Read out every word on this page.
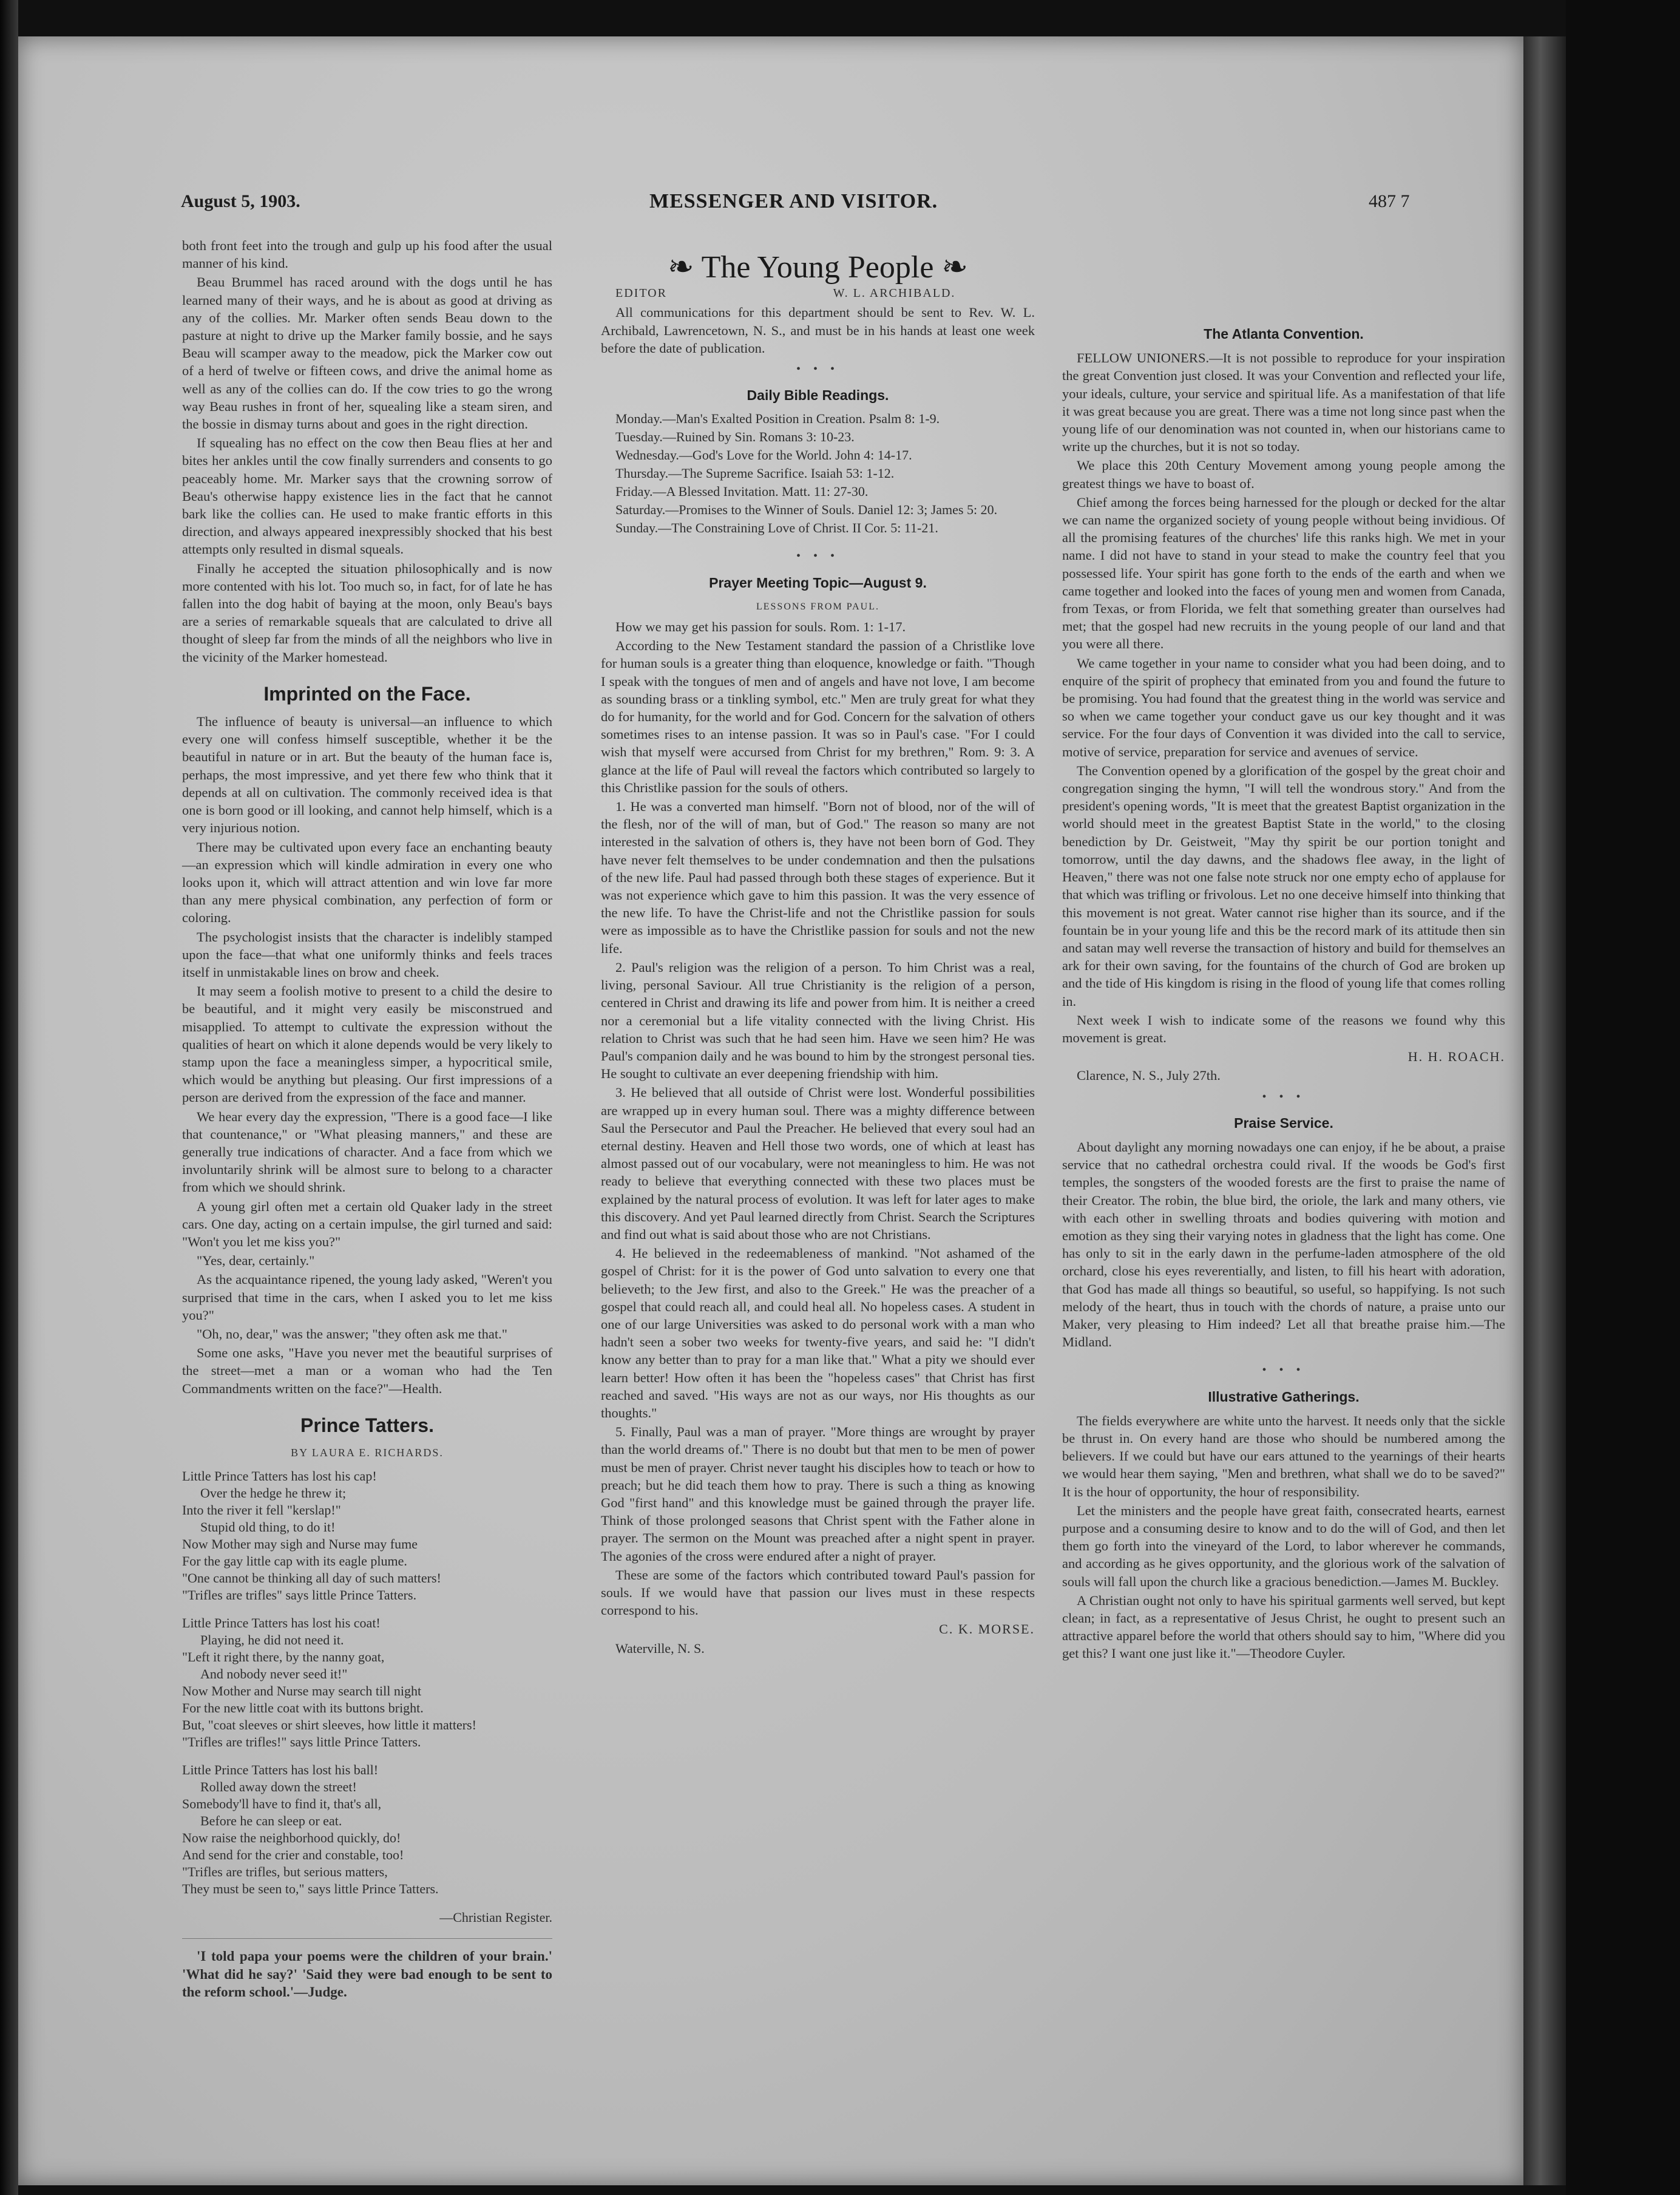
August 5, 1903.	MESSENGER AND VISITOR.	487 7

both front feet into the trough and gulp up his food after the usual manner of his kind.

Beau Brummel has raced around with the dogs until he has learned many of their ways, and he is about as good at driving as any of the collies. Mr. Marker often sends Beau down to the pasture at night to drive up the Marker family bossie, and he says Beau will scamper away to the meadow, pick the Marker cow out of a herd of twelve or fifteen cows, and drive the animal home as well as any of the collies can do. If the cow tries to go the wrong way Beau rushes in front of her, squealing like a steam siren, and the bossie in dismay turns about and goes in the right direction.

If squealing has no effect on the cow then Beau flies at her and bites her ankles until the cow finally surrenders and consents to go peaceably home. Mr. Marker says that the crowning sorrow of Beau's otherwise happy existence lies in the fact that he cannot bark like the collies can. He used to make frantic efforts in this direction, and always appeared inexpressibly shocked that his best attempts only resulted in dismal squeals.

Finally he accepted the situation philosophically and is now more contented with his lot. Too much so, in fact, for of late he has fallen into the dog habit of baying at the moon, only Beau's bays are a series of remarkable squeals that are calculated to drive all thought of sleep far from the minds of all the neighbors who live in the vicinity of the Marker homestead.

Imprinted on the Face.

The influence of beauty is universal—an influence to which every one will confess himself susceptible, whether it be the beautiful in nature or in art. But the beauty of the human face is, perhaps, the most impressive, and yet there few who think that it depends at all on cultivation. The commonly received idea is that one is born good or ill looking, and cannot help himself, which is a very injurious notion.

There may be cultivated upon every face an enchanting beauty—an expression which will kindle admiration in every one who looks upon it, which will attract attention and win love far more than any mere physical combination, any perfection of form or coloring.

The psychologist insists that the character is indelibly stamped upon the face—that what one uniformly thinks and feels traces itself in unmistakable lines on brow and cheek.

It may seem a foolish motive to present to a child the desire to be beautiful, and it might very easily be misconstrued and misapplied. To attempt to cultivate the expression without the qualities of heart on which it alone depends would be very likely to stamp upon the face a meaningless simper, a hypocritical smile, which would be anything but pleasing. Our first impressions of a person are derived from the expression of the face and manner.

We hear every day the expression, "There is a good face—I like that countenance," or "What pleasing manners," and these are generally true indications of character. And a face from which we involuntarily shrink will be almost sure to belong to a character from which we should shrink.

A young girl often met a certain old Quaker lady in the street cars. One day, acting on a certain impulse, the girl turned and said: "Won't you let me kiss you?"

"Yes, dear, certainly."

As the acquaintance ripened, the young lady asked, "Weren't you surprised that time in the cars, when I asked you to let me kiss you?"

"Oh, no, dear," was the answer; "they often ask me that."

Some one asks, "Have you never met the beautiful surprises of the street—met a man or a woman who had the Ten Commandments written on the face?"—Health.

Prince Tatters.
BY LAURA E. RICHARDS.
Little Prince Tatters has lost his cap!
Over the hedge he threw it;
Into the river it fell "kerslap!"
Stupid old thing, to do it!
Now Mother may sigh and Nurse may fume
For the gay little cap with its eagle plume.
"One cannot be thinking all day of such matters!
"Trifles are trifles" says little Prince Tatters.
Little Prince Tatters has lost his coat!
Playing, he did not need it.
"Left it right there, by the nanny goat,
And nobody never seed it!"
Now Mother and Nurse may search till night
For the new little coat with its buttons bright.
But, "coat sleeves or shirt sleeves, how little it matters!
"Trifles are trifles!" says little Prince Tatters.
Little Prince Tatters has lost his ball!
Rolled away down the street!
Somebody'll have to find it, that's all,
Before he can sleep or eat.
Now raise the neighborhood quickly, do!
And send for the crier and constable, too!
"Trifles are trifles, but serious matters,
They must be seen to," says little Prince Tatters.

—Christian Register.

'I told papa your poems were the children of your brain.' 'What did he say?' 'Said they were bad enough to be sent to the reform school.'—Judge.

❧ The Young People ❧

EDITOR	W. L. ARCHIBALD.

All communications for this department should be sent to Rev. W. L. Archibald, Lawrencetown, N. S., and must be in his hands at least one week before the date of publication.

• • •
Daily Bible Readings.

Monday.—Man's Exalted Position in Creation. Psalm 8: 1-9.

Tuesday.—Ruined by Sin. Romans 3: 10-23.

Wednesday.—God's Love for the World. John 4: 14-17.

Thursday.—The Supreme Sacrifice. Isaiah 53: 1-12.

Friday.—A Blessed Invitation. Matt. 11: 27-30.

Saturday.—Promises to the Winner of Souls. Daniel 12: 3; James 5: 20.

Sunday.—The Constraining Love of Christ. II Cor. 5: 11-21.

• • •
Prayer Meeting Topic—August 9.
LESSONS FROM PAUL.

How we may get his passion for souls. Rom. 1: 1-17.

According to the New Testament standard the passion of a Christlike love for human souls is a greater thing than eloquence, knowledge or faith. "Though I speak with the tongues of men and of angels and have not love, I am become as sounding brass or a tinkling symbol, etc." Men are truly great for what they do for humanity, for the world and for God. Concern for the salvation of others sometimes rises to an intense passion. It was so in Paul's case. "For I could wish that myself were accursed from Christ for my brethren," Rom. 9: 3. A glance at the life of Paul will reveal the factors which contributed so largely to this Christlike passion for the souls of others.

1. He was a converted man himself. "Born not of blood, nor of the will of the flesh, nor of the will of man, but of God." The reason so many are not interested in the salvation of others is, they have not been born of God. They have never felt themselves to be under condemnation and then the pulsations of the new life. Paul had passed through both these stages of experience. But it was not experience which gave to him this passion. It was the very essence of the new life. To have the Christ-life and not the Christlike passion for souls were as impossible as to have the Christlike passion for souls and not the new life.

2. Paul's religion was the religion of a person. To him Christ was a real, living, personal Saviour. All true Christianity is the religion of a person, centered in Christ and drawing its life and power from him. It is neither a creed nor a ceremonial but a life vitality connected with the living Christ. His relation to Christ was such that he had seen him. Have we seen him? He was Paul's companion daily and he was bound to him by the strongest personal ties. He sought to cultivate an ever deepening friendship with him.

3. He believed that all outside of Christ were lost. Wonderful possibilities are wrapped up in every human soul. There was a mighty difference between Saul the Persecutor and Paul the Preacher. He believed that every soul had an eternal destiny. Heaven and Hell those two words, one of which at least has almost passed out of our vocabulary, were not meaningless to him. He was not ready to believe that everything connected with these two places must be explained by the natural process of evolution. It was left for later ages to make this discovery. And yet Paul learned directly from Christ. Search the Scriptures and find out what is said about those who are not Christians.

4. He believed in the redeemableness of mankind. "Not ashamed of the gospel of Christ: for it is the power of God unto salvation to every one that believeth; to the Jew first, and also to the Greek." He was the preacher of a gospel that could reach all, and could heal all. No hopeless cases. A student in one of our large Universities was asked to do personal work with a man who hadn't seen a sober two weeks for twenty-five years, and said he: "I didn't know any better than to pray for a man like that." What a pity we should ever learn better! How often it has been the "hopeless cases" that Christ has first reached and saved. "His ways are not as our ways, nor His thoughts as our thoughts."

5. Finally, Paul was a man of prayer. "More things are wrought by prayer than the world dreams of." There is no doubt but that men to be men of power must be men of prayer. Christ never taught his disciples how to teach or how to preach; but he did teach them how to pray. There is such a thing as knowing God "first hand" and this knowledge must be gained through the prayer life. Think of those prolonged seasons that Christ spent with the Father alone in prayer. The sermon on the Mount was preached after a night spent in prayer. The agonies of the cross were endured after a night of prayer.

These are some of the factors which contributed toward Paul's passion for souls. If we would have that passion our lives must in these respects correspond to his.

C. K. MORSE.

Waterville, N. S.

The Atlanta Convention.

FELLOW UNIONERS.—It is not possible to reproduce for your inspiration the great Convention just closed. It was your Convention and reflected your life, your ideals, culture, your service and spiritual life. As a manifestation of that life it was great because you are great. There was a time not long since past when the young life of our denomination was not counted in, when our historians came to write up the churches, but it is not so today.

We place this 20th Century Movement among young people among the greatest things we have to boast of.

Chief among the forces being harnessed for the plough or decked for the altar we can name the organized society of young people without being invidious. Of all the promising features of the churches' life this ranks high. We met in your name. I did not have to stand in your stead to make the country feel that you possessed life. Your spirit has gone forth to the ends of the earth and when we came together and looked into the faces of young men and women from Canada, from Texas, or from Florida, we felt that something greater than ourselves had met; that the gospel had new recruits in the young people of our land and that you were all there.

We came together in your name to consider what you had been doing, and to enquire of the spirit of prophecy that eminated from you and found the future to be promising. You had found that the greatest thing in the world was service and so when we came together your conduct gave us our key thought and it was service. For the four days of Convention it was divided into the call to service, motive of service, preparation for service and avenues of service.

The Convention opened by a glorification of the gospel by the great choir and congregation singing the hymn, "I will tell the wondrous story." And from the president's opening words, "It is meet that the greatest Baptist organization in the world should meet in the greatest Baptist State in the world," to the closing benediction by Dr. Geistweit, "May thy spirit be our portion tonight and tomorrow, until the day dawns, and the shadows flee away, in the light of Heaven," there was not one false note struck nor one empty echo of applause for that which was trifling or frivolous. Let no one deceive himself into thinking that this movement is not great. Water cannot rise higher than its source, and if the fountain be in your young life and this be the record mark of its attitude then sin and satan may well reverse the transaction of history and build for themselves an ark for their own saving, for the fountains of the church of God are broken up and the tide of His kingdom is rising in the flood of young life that comes rolling in.

Next week I wish to indicate some of the reasons we found why this movement is great.

H. H. ROACH.

Clarence, N. S., July 27th.

• • •
Praise Service.

About daylight any morning nowadays one can enjoy, if he be about, a praise service that no cathedral orchestra could rival. If the woods be God's first temples, the songsters of the wooded forests are the first to praise the name of their Creator. The robin, the blue bird, the oriole, the lark and many others, vie with each other in swelling throats and bodies quivering with motion and emotion as they sing their varying notes in gladness that the light has come. One has only to sit in the early dawn in the perfume-laden atmosphere of the old orchard, close his eyes reverentially, and listen, to fill his heart with adoration, that God has made all things so beautiful, so useful, so happifying. Is not such melody of the heart, thus in touch with the chords of nature, a praise unto our Maker, very pleasing to Him indeed? Let all that breathe praise him.—The Midland.

• • •
Illustrative Gatherings.

The fields everywhere are white unto the harvest. It needs only that the sickle be thrust in. On every hand are those who should be numbered among the believers. If we could but have our ears attuned to the yearnings of their hearts we would hear them saying, "Men and brethren, what shall we do to be saved?" It is the hour of opportunity, the hour of responsibility.

Let the ministers and the people have great faith, consecrated hearts, earnest purpose and a consuming desire to know and to do the will of God, and then let them go forth into the vineyard of the Lord, to labor wherever he commands, and according as he gives opportunity, and the glorious work of the salvation of souls will fall upon the church like a gracious benediction.—James M. Buckley.

A Christian ought not only to have his spiritual garments well served, but kept clean; in fact, as a representative of Jesus Christ, he ought to present such an attractive apparel before the world that others should say to him, "Where did you get this? I want one just like it."—Theodore Cuyler.
